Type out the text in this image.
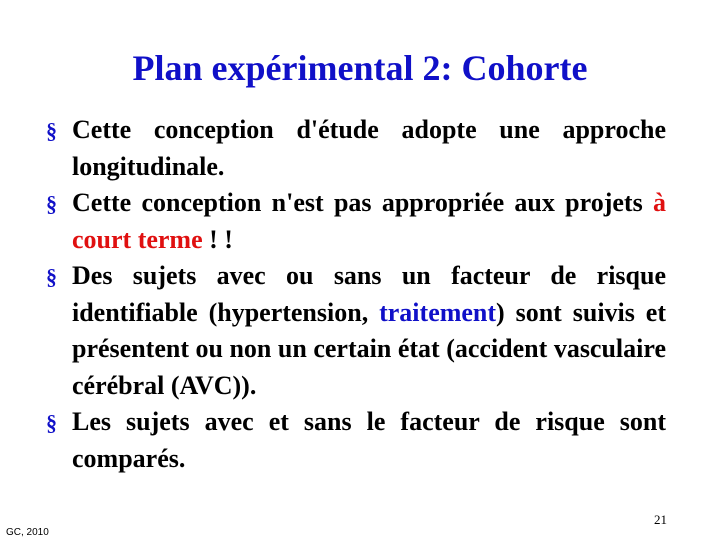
Plan expérimental 2: Cohorte
§ Cette conception d'étude adopte une approche longitudinale.
§ Cette conception n'est pas appropriée aux projets à court terme ! !
§ Des sujets avec ou sans un facteur de risque identifiable (hypertension, traitement) sont suivis et présentent ou non un certain état (accident vasculaire cérébral (AVC)).
§ Les sujets avec et sans le facteur de risque sont comparés.
GC, 2010
21
